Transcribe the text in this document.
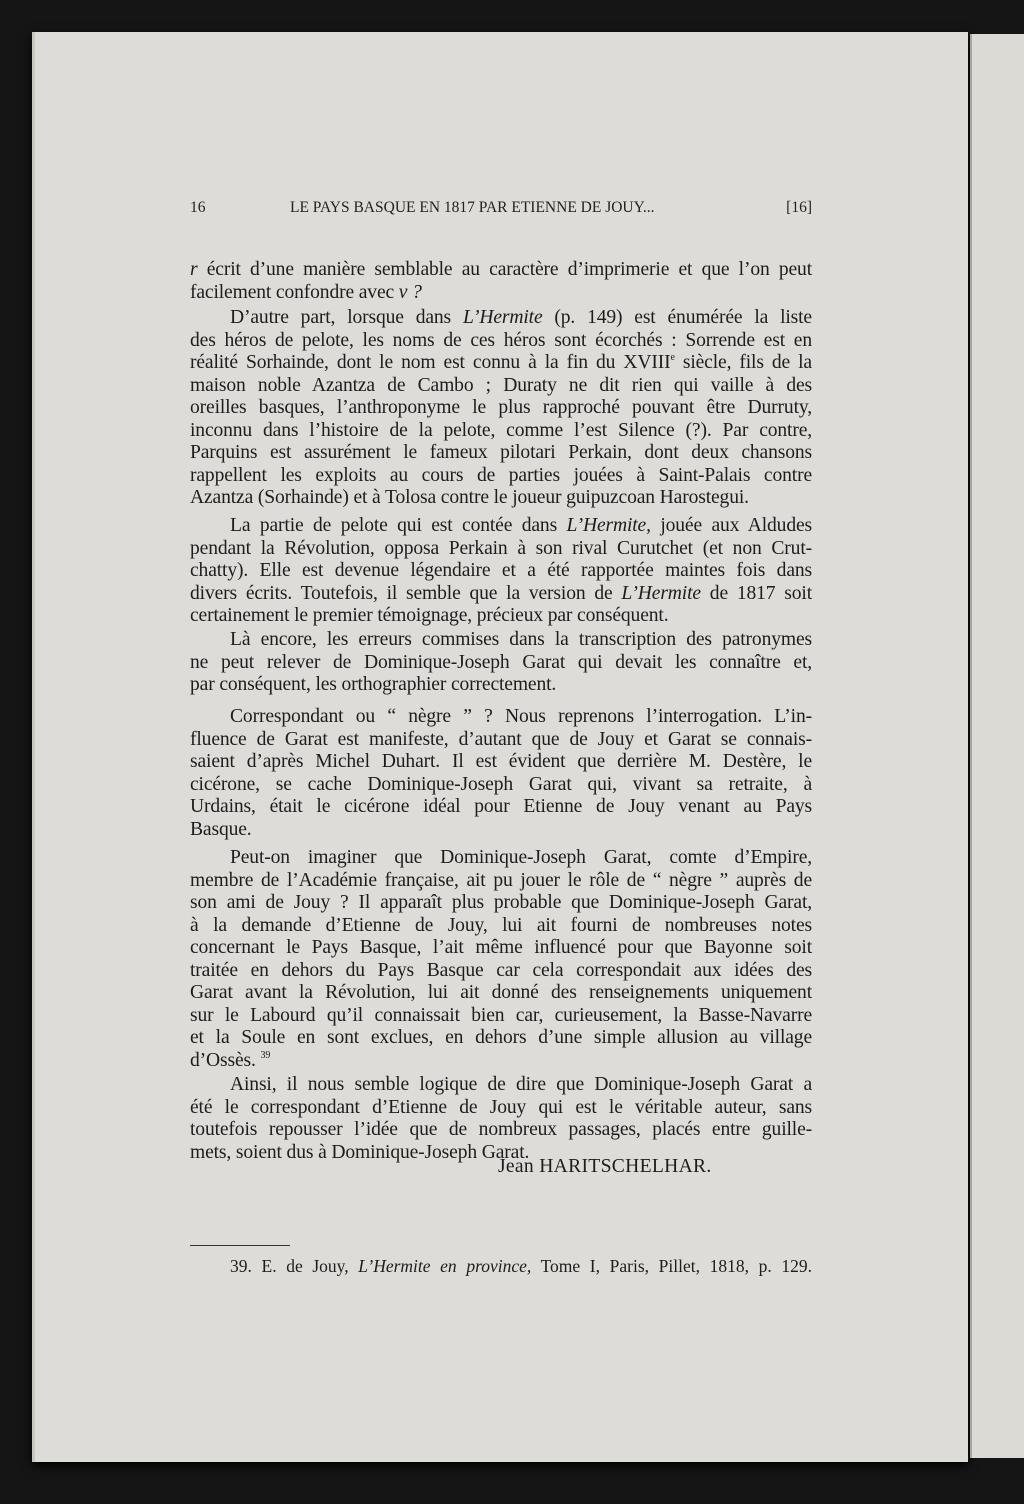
16	LE PAYS BASQUE EN 1817 PAR ETIENNE DE JOUY...	[16]
r écrit d’une manière semblable au caractère d’imprimerie et que l’on peut
facilement confondre avec v ?
D’autre part, lorsque dans L’Hermite (p. 149) est énumérée la liste
des héros de pelote, les noms de ces héros sont écorchés : Sorrende est en
réalité Sorhainde, dont le nom est connu à la fin du XVIIIe siècle, fils de la
maison noble Azantza de Cambo ; Duraty ne dit rien qui vaille à des
oreilles basques, l’anthroponyme le plus rapproché pouvant être Durruty,
inconnu dans l’histoire de la pelote, comme l’est Silence (?). Par contre,
Parquins est assurément le fameux pilotari Perkain, dont deux chansons
rappellent les exploits au cours de parties jouées à Saint-Palais contre
Azantza (Sorhainde) et à Tolosa contre le joueur guipuzcoan Harostegui.
La partie de pelote qui est contée dans L’Hermite, jouée aux Aldudes
pendant la Révolution, opposa Perkain à son rival Curutchet (et non Crut-
chatty). Elle est devenue légendaire et a été rapportée maintes fois dans
divers écrits. Toutefois, il semble que la version de L’Hermite de 1817 soit
certainement le premier témoignage, précieux par conséquent.
Là encore, les erreurs commises dans la transcription des patronymes
ne peut relever de Dominique-Joseph Garat qui devait les connaître et,
par conséquent, les orthographier correctement.
Correspondant ou “ nègre ” ? Nous reprenons l’interrogation. L’in-
fluence de Garat est manifeste, d’autant que de Jouy et Garat se connais-
saient d’après Michel Duhart. Il est évident que derrière M. Destère, le
cicérone, se cache Dominique-Joseph Garat qui, vivant sa retraite, à
Urdains, était le cicérone idéal pour Etienne de Jouy venant au Pays
Basque.
Peut-on imaginer que Dominique-Joseph Garat, comte d’Empire,
membre de l’Académie française, ait pu jouer le rôle de “ nègre ” auprès de
son ami de Jouy ? Il apparaît plus probable que Dominique-Joseph Garat,
à la demande d’Etienne de Jouy, lui ait fourni de nombreuses notes
concernant le Pays Basque, l’ait même influencé pour que Bayonne soit
traitée en dehors du Pays Basque car cela correspondait aux idées des
Garat avant la Révolution, lui ait donné des renseignements uniquement
sur le Labourd qu’il connaissait bien car, curieusement, la Basse-Navarre
et la Soule en sont exclues, en dehors d’une simple allusion au village
d’Ossès. $^{39}$
Ainsi, il nous semble logique de dire que Dominique-Joseph Garat a
été le correspondant d’Etienne de Jouy qui est le véritable auteur, sans
toutefois repousser l’idée que de nombreux passages, placés entre guille-
mets, soient dus à Dominique-Joseph Garat.
Jean HARITSCHELHAR.
39. E. de Jouy, L’Hermite en province, Tome I, Paris, Pillet, 1818, p. 129.
